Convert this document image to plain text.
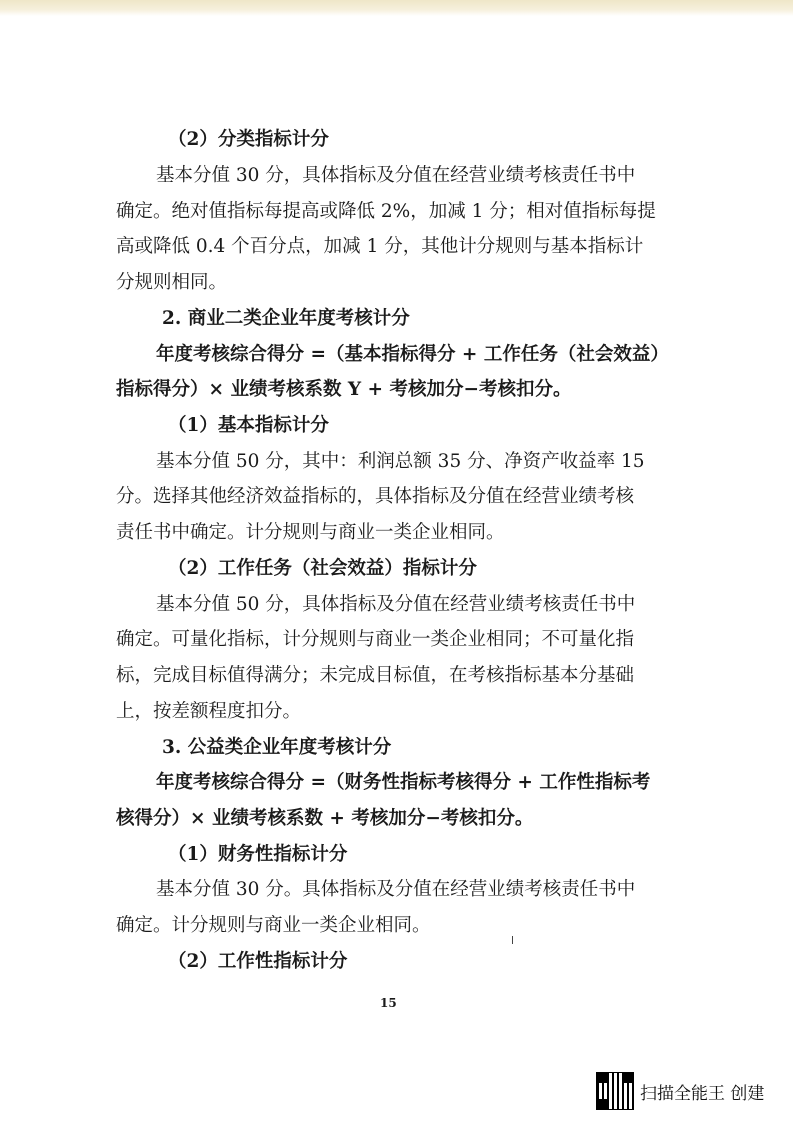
（2）分类指标计分
基本分值 30 分，具体指标及分值在经营业绩考核责任书中
确定。绝对值指标每提高或降低 2%，加减 1 分；相对值指标每提
高或降低 0.4 个百分点，加减 1 分，其他计分规则与基本指标计
分规则相同。
2. 商业二类企业年度考核计分
年度考核综合得分 =（基本指标得分 + 工作任务（社会效益）
指标得分）× 业绩考核系数 Y + 考核加分−考核扣分。
（1）基本指标计分
基本分值 50 分，其中：利润总额 35 分、净资产收益率 15
分。选择其他经济效益指标的，具体指标及分值在经营业绩考核
责任书中确定。计分规则与商业一类企业相同。
（2）工作任务（社会效益）指标计分
基本分值 50 分，具体指标及分值在经营业绩考核责任书中
确定。可量化指标，计分规则与商业一类企业相同；不可量化指
标，完成目标值得满分；未完成目标值，在考核指标基本分基础
上，按差额程度扣分。
3. 公益类企业年度考核计分
年度考核综合得分 =（财务性指标考核得分 + 工作性指标考
核得分）× 业绩考核系数 + 考核加分−考核扣分。
（1）财务性指标计分
基本分值 30 分。具体指标及分值在经营业绩考核责任书中
确定。计分规则与商业一类企业相同。
（2）工作性指标计分
15
扫描全能王 创建
